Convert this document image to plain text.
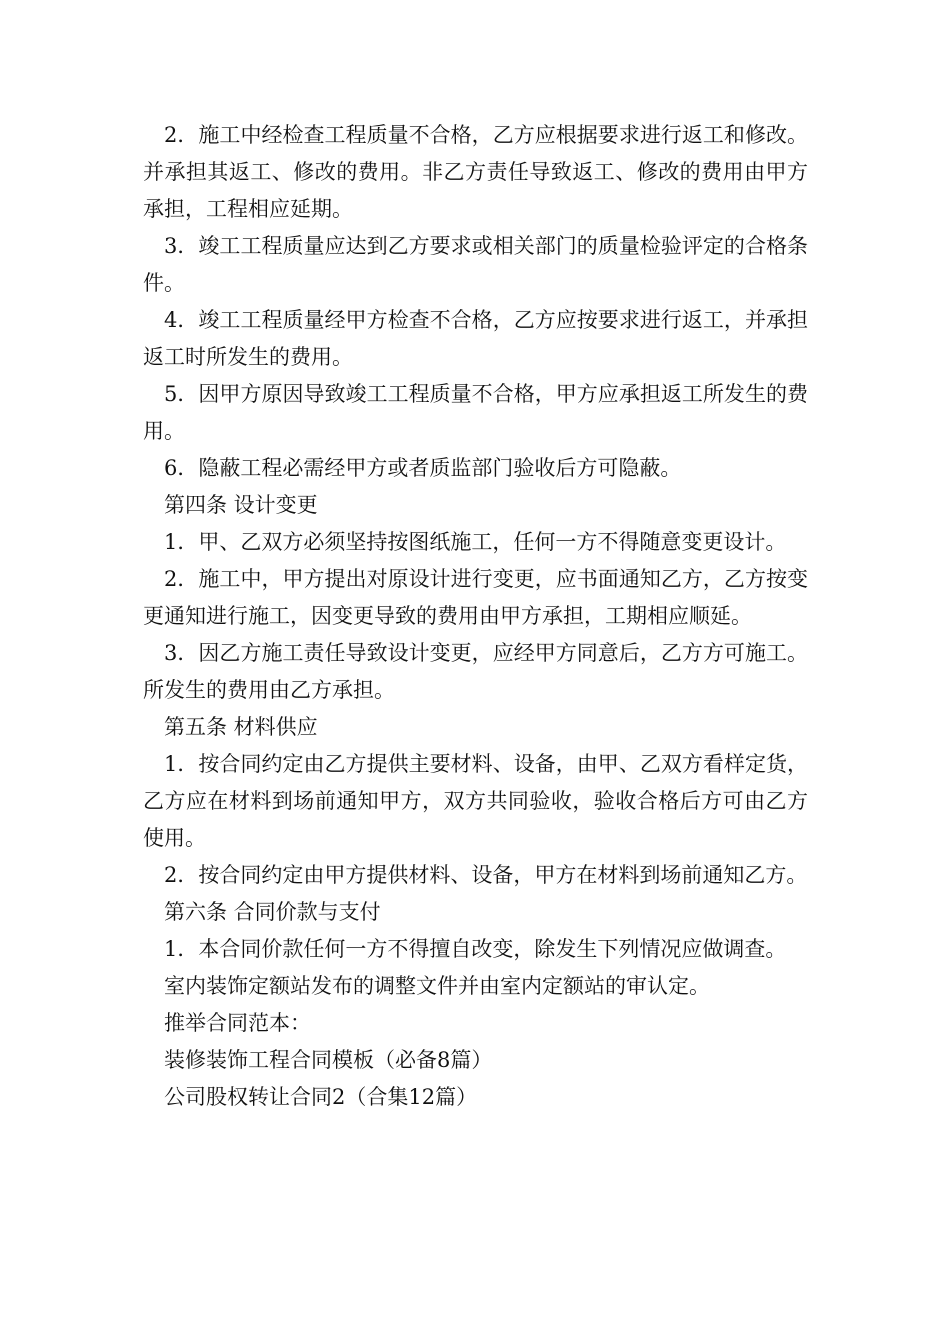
2．施工中经检查工程质量不合格，乙方应根据要求进行返工和修改。并承担其返工、修改的费用。非乙方责任导致返工、修改的费用由甲方承担，工程相应延期。

3．竣工工程质量应达到乙方要求或相关部门的质量检验评定的合格条件。

4．竣工工程质量经甲方检查不合格，乙方应按要求进行返工，并承担返工时所发生的费用。

5．因甲方原因导致竣工工程质量不合格，甲方应承担返工所发生的费用。

6．隐蔽工程必需经甲方或者质监部门验收后方可隐蔽。

第四条 设计变更

1．甲、乙双方必须坚持按图纸施工，任何一方不得随意变更设计。

2．施工中，甲方提出对原设计进行变更，应书面通知乙方，乙方按变更通知进行施工，因变更导致的费用由甲方承担，工期相应顺延。

3．因乙方施工责任导致设计变更，应经甲方同意后，乙方方可施工。所发生的费用由乙方承担。

第五条 材料供应

1．按合同约定由乙方提供主要材料、设备，由甲、乙双方看样定货，乙方应在材料到场前通知甲方，双方共同验收，验收合格后方可由乙方使用。

2．按合同约定由甲方提供材料、设备，甲方在材料到场前通知乙方。

第六条 合同价款与支付

1．本合同价款任何一方不得擅自改变，除发生下列情况应做调查。

室内装饰定额站发布的调整文件并由室内定额站的审认定。

推举合同范本：

装修装饰工程合同模板（必备8篇）

公司股权转让合同2（合集12篇）
